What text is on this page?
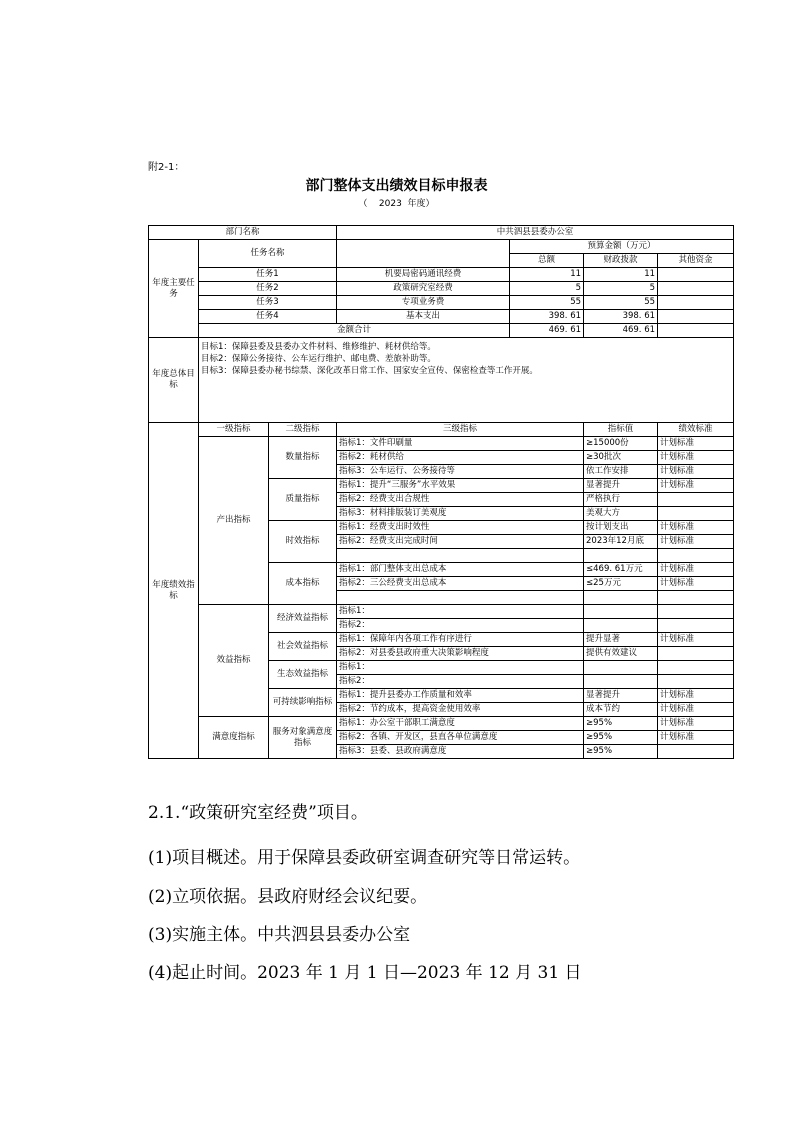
附2-1：
部门整体支出绩效目标申报表
（    2023  年度）
部门名称			中共泗县县委办公室			
年度主要任务	任务名称			预算金额（万元）		
				总额	财政拨款	其他资金
	任务1		机要局密码通讯经费	11	11	
	任务2		政策研究室经费	5	5	
	任务3		专项业务费	55	55	
	任务4		基本支出	398. 61	398. 61	
	金额合计			469. 61	469. 61	
年度总体目标	目标1：保障县委及县委办文件材料、维修维护、耗材供给等。
目标2：保障公务接待、公车运行维护、邮电费、差旅补助等。
目标3：保障县委办秘书综禁、深化改革日常工作、国家安全宣传、保密检查等工作开展。					

年度绩效指标	一级指标	二级指标	三级指标		指标值	绩效标准
	产出指标	数量指标	指标1：文件印刷量		≥15000份	计划标准
			指标2：耗材供给		≥30批次	计划标准
			指标3：公车运行、公务接待等		依工作安排	计划标准
		质量指标	指标1：提升“三服务”水平效果		显著提升	计划标准
			指标2：经费支出合规性		严格执行	
			指标3：材料排版装订美观度		美观大方	
		时效指标	指标1：经费支出时效性		按计划支出	计划标准
			指标2：经费支出完成时间		2023年12月底	计划标准

		成本指标	指标1：部门整体支出总成本		≤469. 61万元	计划标准
			指标2：三公经费支出总成本		≤25万元	计划标准

	效益指标	经济效益指标	指标1：			
			指标2：			
		社会效益指标	指标1：保障年内各项工作有序进行		提升显著	计划标准
			指标2：对县委县政府重大决策影响程度		提供有效建议	
		生态效益指标	指标1：			
			指标2：			
		可持续影响指标	指标1：提升县委办工作质量和效率		显著提升	计划标准
			指标2：节约成本，提高资金使用效率		成本节约	计划标准
	满意度指标	服务对象满意度指标	指标1：办公室干部职工满意度		≥95%	计划标准
			指标2：各镇、开发区，县直各单位满意度		≥95%	计划标准
			指标3：县委、县政府满意度		≥95%	
2.1.“政策研究室经费”项目。
(1)项目概述。用于保障县委政研室调查研究等日常运转。
(2)立项依据。县政府财经会议纪要。
(3)实施主体。中共泗县县委办公室
(4)起止时间。2023 年 1 月 1 日—2023 年 12 月 31 日
